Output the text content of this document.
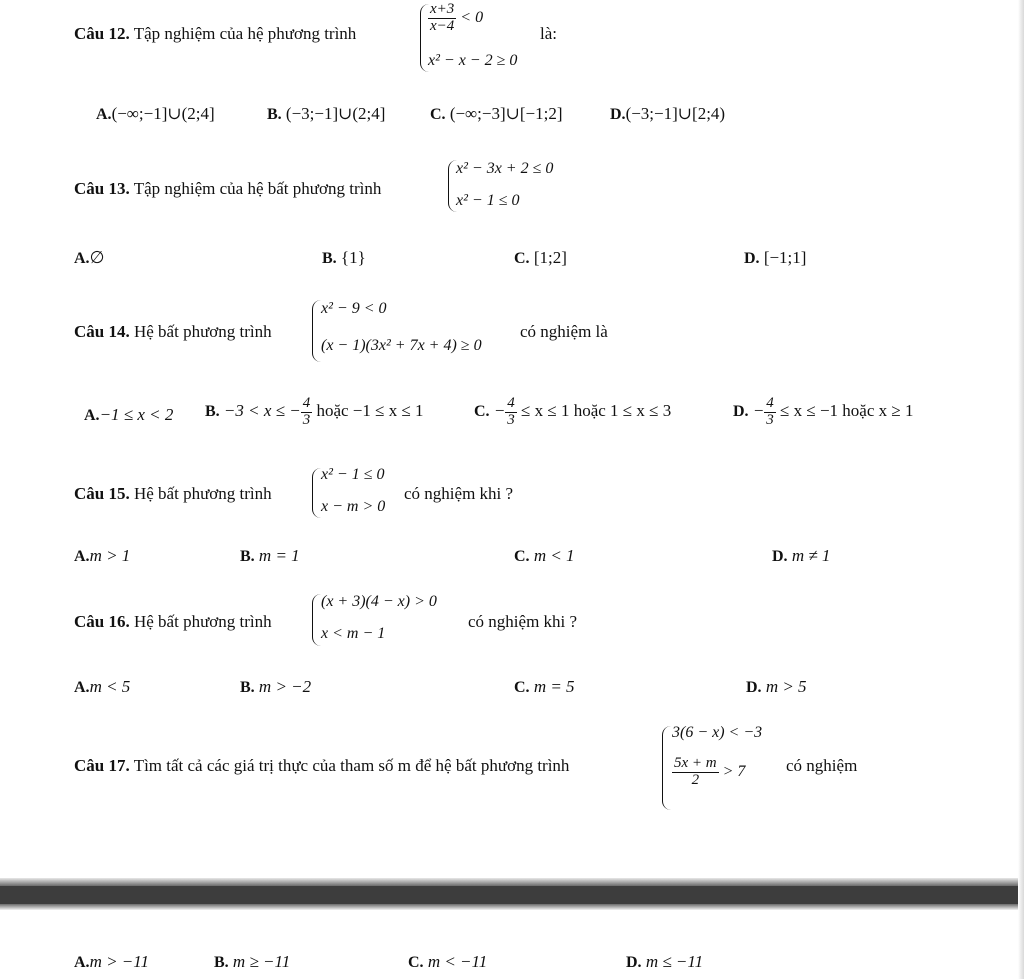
Câu 12. Tập nghiệm của hệ phương trình	$\frac{x+3}{x-4} < 0$
x² − x − 2 ≥ 0
là:
A.(−∞;−1]∪(2;4]	B. (−3;−1]∪(2;4]	C. (−∞;−3]∪[−1;2]	D.(−3;−1]∪[2;4)
Câu 13. Tập nghiệm của hệ bất phương trình
x² − 3x + 2 ≤ 0
x² − 1 ≤ 0
A.∅	B. {1}	C. [1;2]	D. [−1;1]
Câu 14. Hệ bất phương trình
x² − 9 < 0
(x − 1)(3x² + 7x + 4) ≥ 0
có nghiệm là
A.−1 ≤ x < 2 B. −3 < x ≤ − $\frac{4}{3}$ hoặc −1 ≤ x ≤ 1	C. − $\frac{4}{3} \le x \le 1$ hoặc 1 ≤ x ≤ 3	D. − $\frac{4}{3} \le x \le -1$ hoặc x ≥ 1
Câu 15. Hệ bất phương trình
x² − 1 ≤ 0
x − m > 0
có nghiệm khi ?
A.m > 1	B. m = 1	C. m < 1	D. m ≠ 1
Câu 16. Hệ bất phương trình
(x + 3)(4 − x) > 0
x < m − 1
có nghiệm khi ?
A.m < 5	B. m > −2	C. m = 5	D. m > 5
Câu 17. Tìm tất cả các giá trị thực của tham số m để hệ bất phương trình
3(6 − x) < −3
$\frac{5x + m}{2} > 7$ có nghiệm
A.m > −11	B. m ≥ −11	C. m < −11	D. m ≤ −11
